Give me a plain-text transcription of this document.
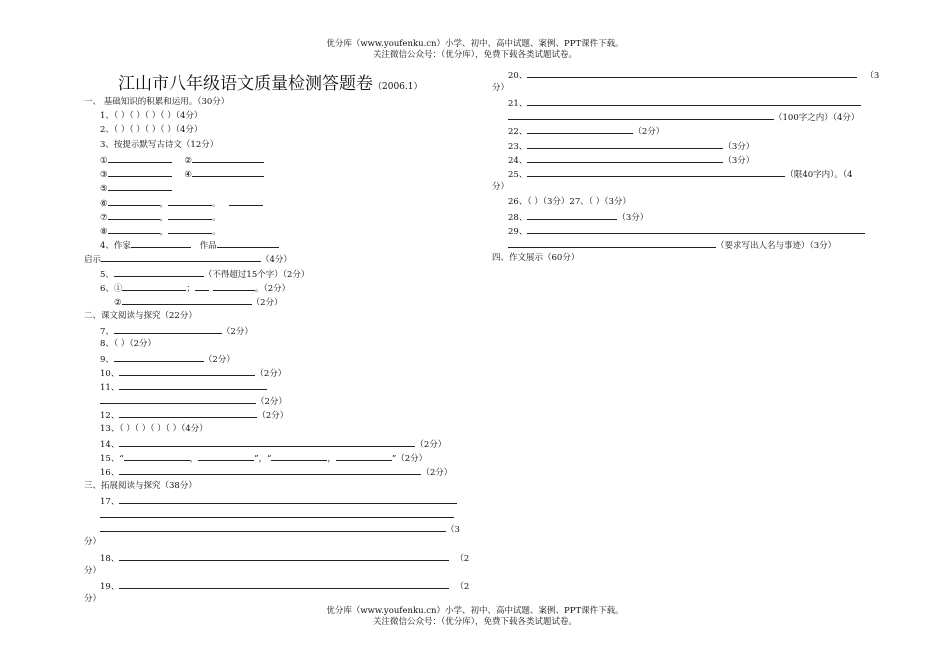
优分库（www.youfenku.cn）小学、初中、高中试题、案例、PPT课件下载。
关注微信公众号：（优分库），免费下载各类试题试卷。
江山市八年级语文质量检测答题卷（2006.1）
一、 基础知识的积累和运用。（30分）
1、（ ）（ ）（ ）（ ）（4分）
2、（ ）（ ）（ ）（ ）（4分）
3、按提示默写古诗文（12分）
①	②
③	④
⑤
⑥	，	。
⑦	，	。
⑧	，	。
4、作家	作品
启示	（4分）
5、	（不得超过15个字）（2分）
6、①	；	。（2分）
②	（2分）
二、课文阅读与探究（22分）
7、	（2分）
8、（ ）（2分）
9、	（2分）
10、	（2分）
11、
（2分）
12、	（2分）
13、（ ）（ ）（ ）（ ）（4分）
14、	（2分）
15、“	，	”，“	，	”（2分）
16、	（2分）
三、拓展阅读与探究（38分）
17、
（3
分）
18、	（2
分）
19、	（2
分）
20、	（3
分）
21、
（100字之内）（4分）
22、	（2分）
23、	（3分）
24、	（3分）
25、	（限40字内）。（4
分）
26、（ ）（3分）27、（ ）（3分）
28、	（3分）
29、
（要求写出人名与事迹）（3分）
四、作文展示（60分）
优分库（www.youfenku.cn）小学、初中、高中试题、案例、PPT课件下载。
关注微信公众号：（优分库），免费下载各类试题试卷。
